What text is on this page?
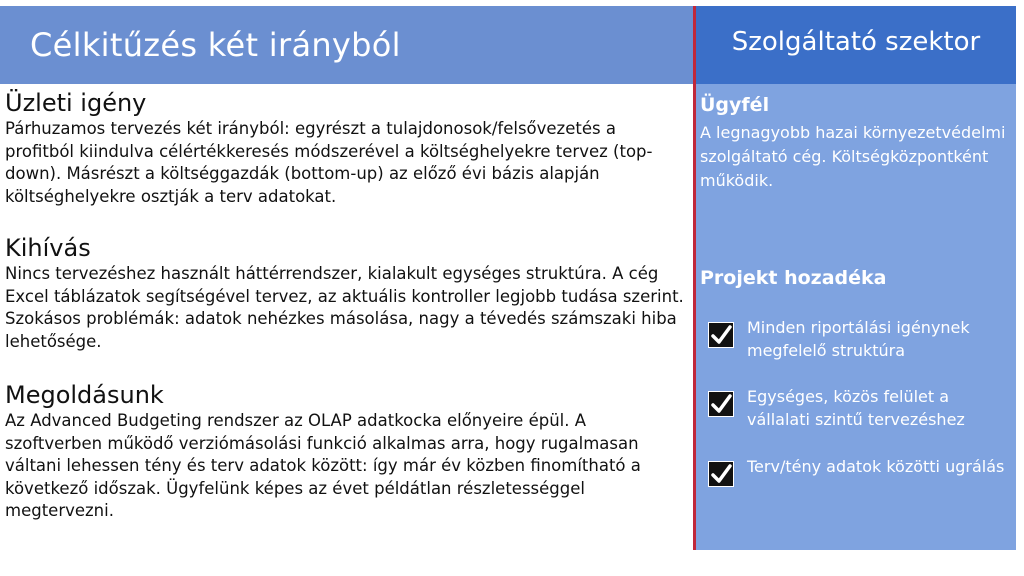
Célkitűzés két irányból	Szolgáltató szektor
Ügyfél
A legnagyobb hazai környezetvédelmi szolgáltató cég. Költségközpontként működik.
Projekt hozadéka
Minden riportálási igénynek megfelelő struktúra
Egységes, közös felület a vállalati szintű tervezéshez
Terv/tény adatok közötti ugrálás
Üzleti igény
Párhuzamos tervezés két irányból: egyrészt a tulajdonosok/felsővezetés a profitból kiindulva célértékkeresés módszerével a költséghelyekre tervez (top-down). Másrészt a költséggazdák (bottom-up) az előző évi bázis alapján költséghelyekre osztják a terv adatokat.
Kihívás
Nincs tervezéshez használt háttérrendszer, kialakult egységes struktúra. A cég Excel táblázatok segítségével tervez, az aktuális kontroller legjobb tudása szerint. Szokásos problémák: adatok nehézkes másolása, nagy a tévedés számszaki hiba lehetősége.
Megoldásunk
Az Advanced Budgeting rendszer az OLAP adatkocka előnyeire épül. A szoftverben működő verziómásolási funkció alkalmas arra, hogy rugalmasan váltani lehessen tény és terv adatok között: így már év közben finomítható a következő időszak. Ügyfelünk képes az évet példátlan részletességgel megtervezni.
